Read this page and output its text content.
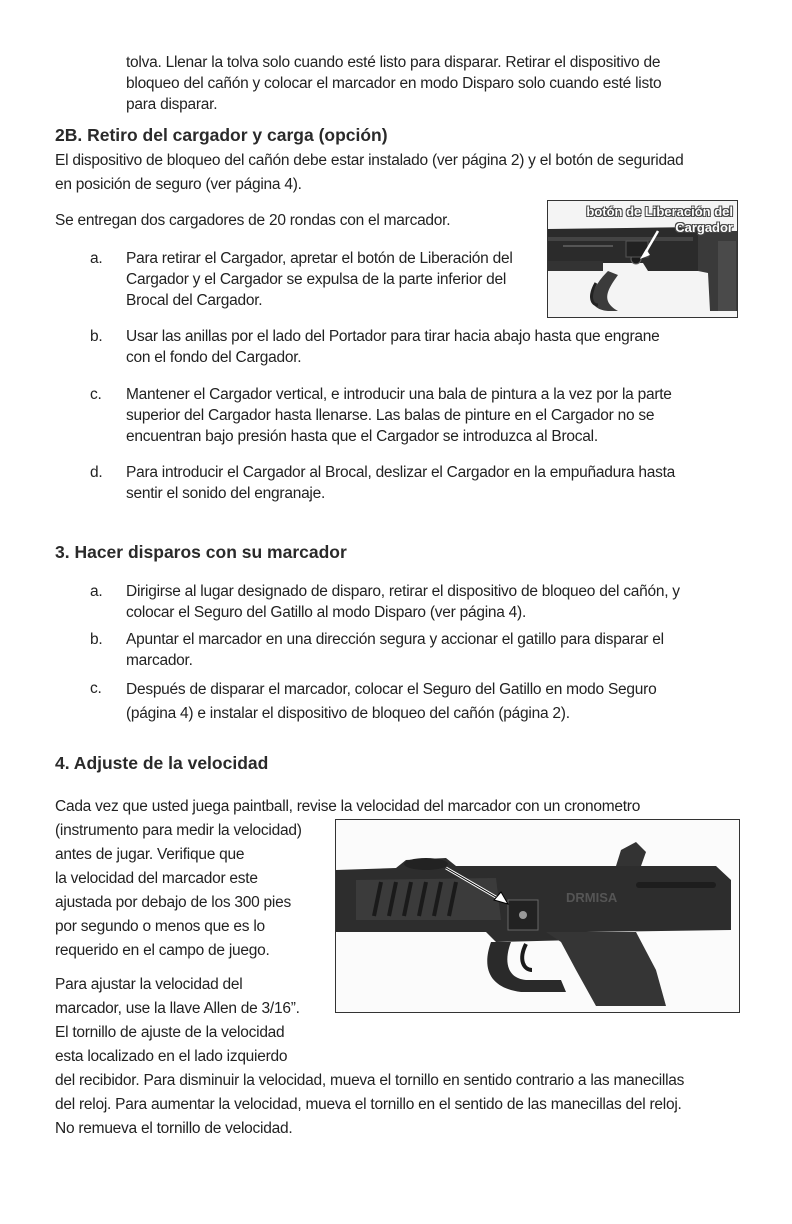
tolva. Llenar la tolva solo cuando esté listo para disparar. Retirar el dispositivo de
bloqueo del cañón y colocar el marcador en modo Disparo solo cuando esté listo
para disparar.
2B. Retiro del cargador y carga (opción)
El dispositivo de bloqueo del cañón debe estar instalado (ver página 2) y el botón de seguridad
en posición de seguro (ver página 4).
Se entregan dos cargadores de 20 rondas con el marcador.
botón de Liberación del
Cargador
a. Para retirar el Cargador, apretar el botón de Liberación del
Cargador y el Cargador se expulsa de la parte inferior del
Brocal del Cargador.
b. Usar las anillas por el lado del Portador para tirar hacia abajo hasta que engrane
con el fondo del Cargador.
c. Mantener el Cargador vertical, e introducir una bala de pintura a la vez por la parte
superior del Cargador hasta llenarse. Las balas de pinture en el Cargador no se
encuentran bajo presión hasta que el Cargador se introduzca al Brocal.
d. Para introducir el Cargador al Brocal, deslizar el Cargador en la empuñadura hasta
sentir el sonido del engranaje.
3. Hacer disparos con su marcador
a. Dirigirse al lugar designado de disparo, retirar el dispositivo de bloqueo del cañón, y
colocar el Seguro del Gatillo al modo Disparo (ver página 4).
b. Apuntar el marcador en una dirección segura y accionar el gatillo para disparar el
marcador.
c. Después de disparar el marcador, colocar el Seguro del Gatillo en modo Seguro
(página 4) e instalar el dispositivo de bloqueo del cañón (página 2).
4. Adjuste de la velocidad
Cada vez que usted juega paintball, revise la velocidad del marcador con un cronometro
(instrumento para medir la velocidad)
antes de jugar. Verifique que
la velocidad del marcador este
ajustada por debajo de los 300 pies
por segundo o menos que es lo
requerido en el campo de juego.
Para ajustar la velocidad del
marcador, use la llave Allen de 3/16”.
El tornillo de ajuste de la velocidad
esta localizado en el lado izquierdo
del recibidor. Para disminuir la velocidad, mueva el tornillo en sentido contrario a las manecillas
del reloj. Para aumentar la velocidad, mueva el tornillo en el sentido de las manecillas del reloj.
No remueva el tornillo de velocidad.
DRMISA
